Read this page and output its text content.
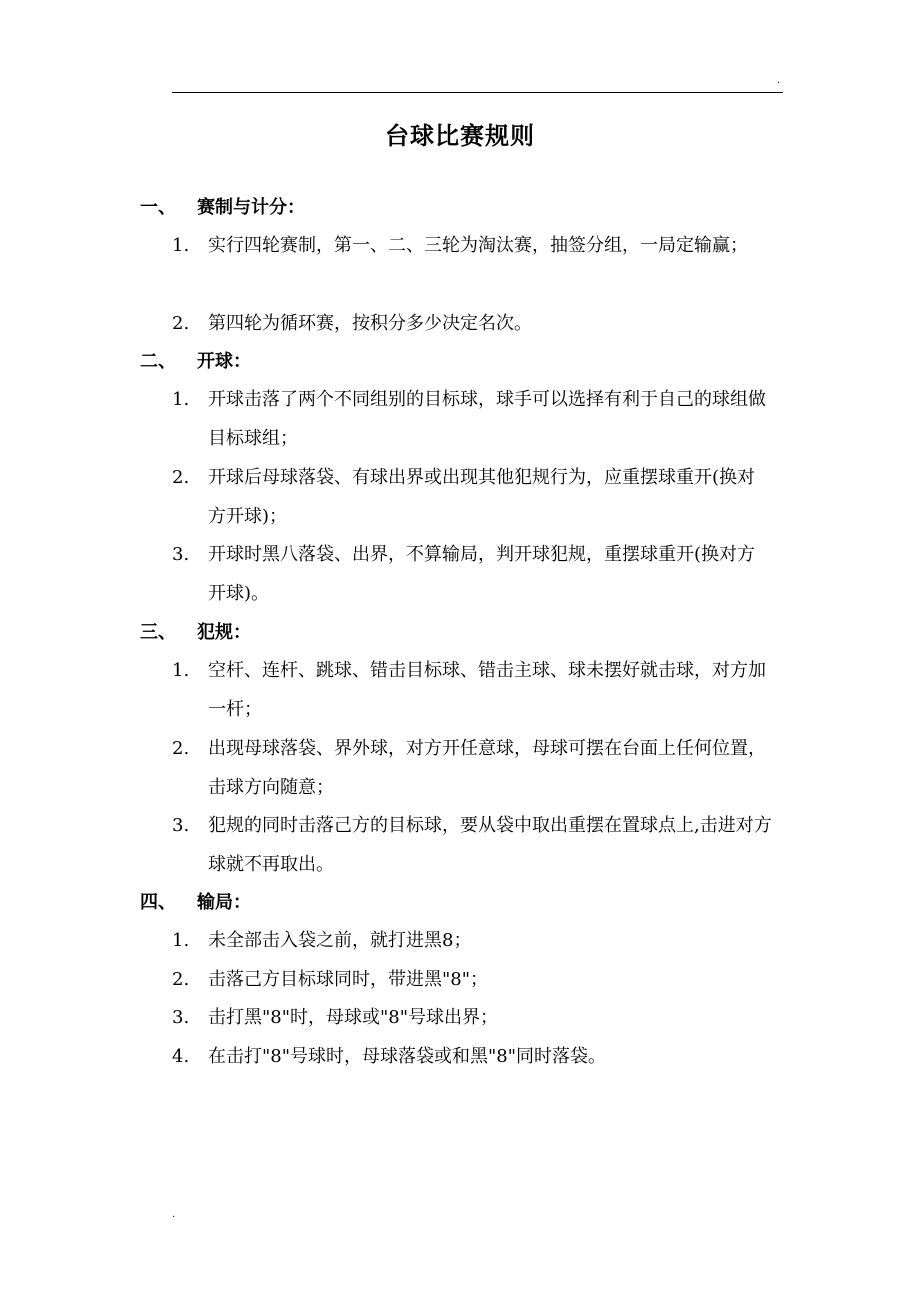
.
台球比赛规则
一、 赛制与计分：
1.	实行四轮赛制，第一、二、三轮为淘汰赛，抽签分组，一局定输赢；
2.	第四轮为循环赛，按积分多少决定名次。
二、 开球：
1.	开球击落了两个不同组别的目标球，球手可以选择有利于自己的球组做目标球组；
2.	开球后母球落袋、有球出界或出现其他犯规行为，应重摆球重开(换对方开球)；
3.	开球时黑八落袋、出界，不算输局，判开球犯规，重摆球重开(换对方开球)。
三、 犯规：
1.	空杆、连杆、跳球、错击目标球、错击主球、球未摆好就击球，对方加一杆；
2.	出现母球落袋、界外球，对方开任意球，母球可摆在台面上任何位置，击球方向随意；
3.	犯规的同时击落己方的目标球，要从袋中取出重摆在置球点上,击进对方球就不再取出。
四、 输局：
1.	未全部击入袋之前，就打进黑8；
2.	击落己方目标球同时，带进黑"8"；
3.	击打黑"8"时，母球或"8"号球出界；
4.	在击打"8"号球时，母球落袋或和黑"8"同时落袋。
.
